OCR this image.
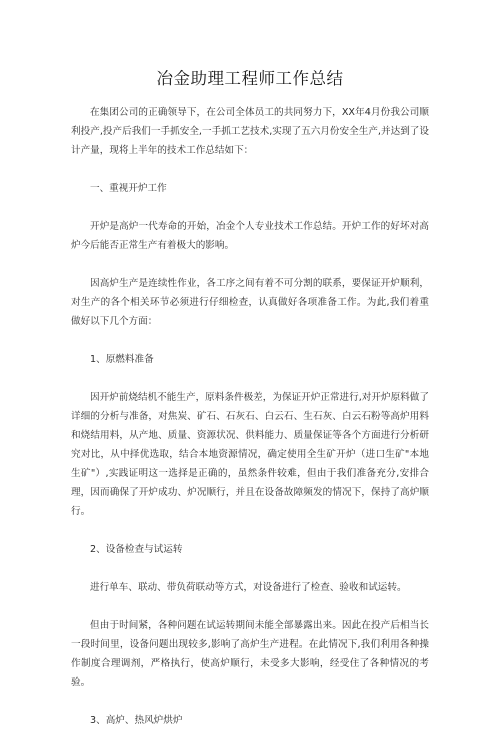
冶金助理工程师工作总结

在集团公司的正确领导下，在公司全体员工的共同努力下，XX年4月份我公司顺利投产,投产后我们一手抓安全,一手抓工艺技术,实现了五六月份安全生产,并达到了设计产量，现将上半年的技术工作总结如下：

一、重视开炉工作

开炉是高炉一代寿命的开始，冶金个人专业技术工作总结。开炉工作的好坏对高炉今后能否正常生产有着极大的影响。

因高炉生产是连续性作业，各工序之间有着不可分割的联系，要保证开炉顺利，对生产的各个相关环节必须进行仔细检查，认真做好各项准备工作。为此,我们着重做好以下几个方面：

1、原燃料准备

因开炉前烧结机不能生产，原料条件极差，为保证开炉正常进行,对开炉原料做了详细的分析与准备，对焦炭、矿石、石灰石、白云石、生石灰、白云石粉等高炉用料和烧结用料，从产地、质量、资源状况、供料能力、质量保证等各个方面进行分析研究对比，从中择优选取，结合本地资源情况，确定使用全生矿开炉（进口生矿"本地生矿"）,实践证明这一选择是正确的，虽然条件较难，但由于我们准备充分,安排合理，因而确保了开炉成功、炉况顺行，并且在设备故障频发的情况下，保持了高炉顺行。

2、设备检查与试运转

进行单车、联动、带负荷联动等方式，对设备进行了检查、验收和试运转。

但由于时间紧，各种问题在试运转期间未能全部暴露出来。因此在投产后相当长一段时间里，设备问题出现较多,影响了高炉生产进程。在此情况下,我们利用各种操作制度合理调剂，严格执行，使高炉顺行，未受多大影响，经受住了各种情况的考验。

3、高炉、热风炉烘炉
